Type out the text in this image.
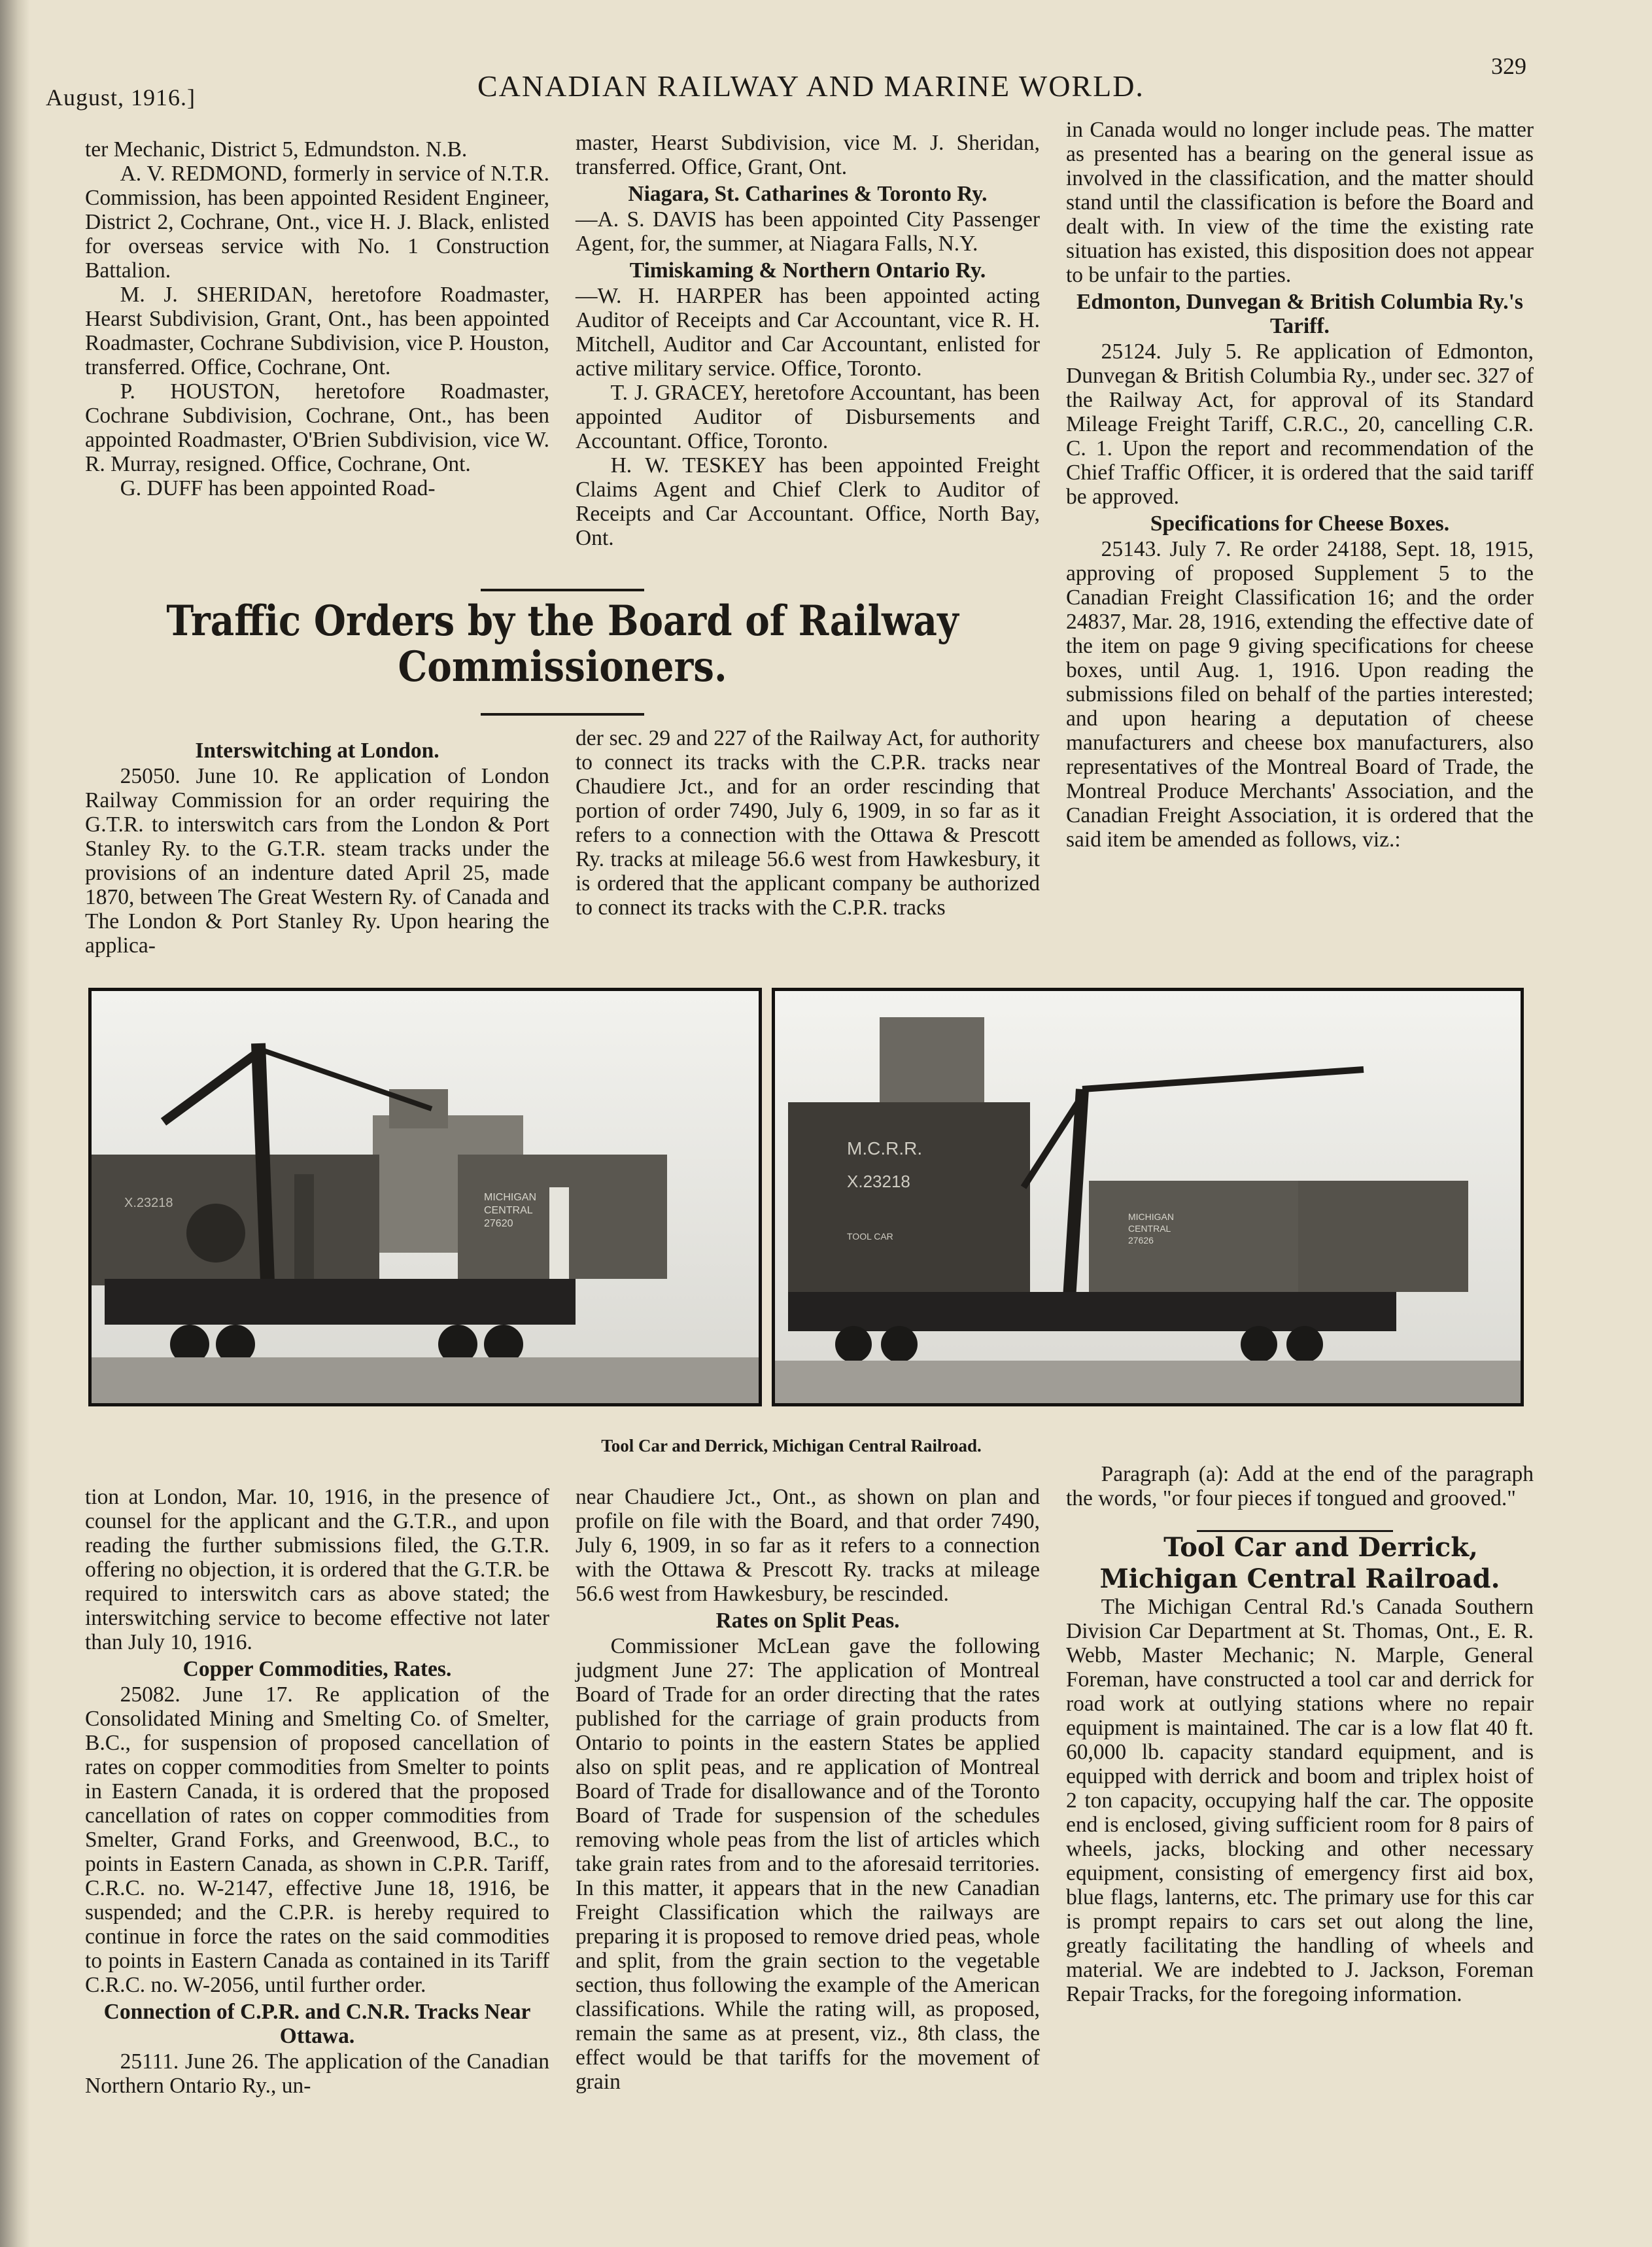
August, 1916.]	CANADIAN RAILWAY AND MARINE WORLD.
329

ter Mechanic, District 5, Edmundston. N.B.

A. V. REDMOND, formerly in service of N.T.R. Commission, has been appointed Resident Engineer, District 2, Cochrane, Ont., vice H. J. Black, enlisted for overseas service with No. 1 Construction Battalion.

M. J. SHERIDAN, heretofore Roadmaster, Hearst Subdivision, Grant, Ont., has been appointed Roadmaster, Cochrane Subdivision, vice P. Houston, transferred. Office, Cochrane, Ont.

P. HOUSTON, heretofore Roadmaster, Cochrane Subdivision, Cochrane, Ont., has been appointed Roadmaster, O'Brien Subdivision, vice W. R. Murray, resigned. Office, Cochrane, Ont.

G. DUFF has been appointed Road-

master, Hearst Subdivision, vice M. J. Sheridan, transferred. Office, Grant, Ont.

Niagara, St. Catharines & Toronto Ry.

—A. S. DAVIS has been appointed City Passenger Agent, for, the summer, at Niagara Falls, N.Y.

Timiskaming & Northern Ontario Ry.

—W. H. HARPER has been appointed acting Auditor of Receipts and Car Accountant, vice R. H. Mitchell, Auditor and Car Accountant, enlisted for active military service. Office, Toronto.

T. J. GRACEY, heretofore Accountant, has been appointed Auditor of Disbursements and Accountant. Office, Toronto.

H. W. TESKEY has been appointed Freight Claims Agent and Chief Clerk to Auditor of Receipts and Car Accountant. Office, North Bay, Ont.

in Canada would no longer include peas. The matter as presented has a bearing on the general issue as involved in the classification, and the matter should stand until the classification is before the Board and dealt with. In view of the time the existing rate situation has existed, this disposition does not appear to be unfair to the parties.

Edmonton, Dunvegan & British Columbia Ry.'s Tariff.

25124. July 5. Re application of Edmonton, Dunvegan & British Columbia Ry., under sec. 327 of the Railway Act, for approval of its Standard Mileage Freight Tariff, C.R.C., 20, cancelling C.R. C. 1. Upon the report and recommendation of the Chief Traffic Officer, it is ordered that the said tariff be approved.

Specifications for Cheese Boxes.

25143. July 7. Re order 24188, Sept. 18, 1915, approving of proposed Supplement 5 to the Canadian Freight Classification 16; and the order 24837, Mar. 28, 1916, extending the effective date of the item on page 9 giving specifications for cheese boxes, until Aug. 1, 1916. Upon reading the submissions filed on behalf of the parties interested; and upon hearing a deputation of cheese manufacturers and cheese box manufacturers, also representatives of the Montreal Board of Trade, the Montreal Produce Merchants' Association, and the Canadian Freight Association, it is ordered that the said item be amended as follows, viz.:

Traffic Orders by the Board of Railway Commissioners.

Interswitching at London.

25050. June 10. Re application of London Railway Commission for an order requiring the G.T.R. to interswitch cars from the London & Port Stanley Ry. to the G.T.R. steam tracks under the provisions of an indenture dated April 25, made 1870, between The Great Western Ry. of Canada and The London & Port Stanley Ry. Upon hearing the applica-

der sec. 29 and 227 of the Railway Act, for authority to connect its tracks with the C.P.R. tracks near Chaudiere Jct., and for an order rescinding that portion of order 7490, July 6, 1909, in so far as it refers to a connection with the Ottawa & Prescott Ry. tracks at mileage 56.6 west from Hawkesbury, it is ordered that the applicant company be authorized to connect its tracks with the C.P.R. tracks

MICHIGAN
CENTRAL
27620
X.23218
M.C.R.R.
X.23218
TOOL CAR
MICHIGAN
CENTRAL
27626
Tool Car and Derrick, Michigan Central Railroad.

tion at London, Mar. 10, 1916, in the presence of counsel for the applicant and the G.T.R., and upon reading the further submissions filed, the G.T.R. offering no objection, it is ordered that the G.T.R. be required to interswitch cars as above stated; the interswitching service to become effective not later than July 10, 1916.

Copper Commodities, Rates.

25082. June 17. Re application of the Consolidated Mining and Smelting Co. of Smelter, B.C., for suspension of proposed cancellation of rates on copper commodities from Smelter to points in Eastern Canada, it is ordered that the proposed cancellation of rates on copper commodities from Smelter, Grand Forks, and Greenwood, B.C., to points in Eastern Canada, as shown in C.P.R. Tariff, C.R.C. no. W-2147, effective June 18, 1916, be suspended; and the C.P.R. is hereby required to continue in force the rates on the said commodities to points in Eastern Canada as contained in its Tariff C.R.C. no. W-2056, until further order.

Connection of C.P.R. and C.N.R. Tracks Near Ottawa.

25111. June 26. The application of the Canadian Northern Ontario Ry., un-

near Chaudiere Jct., Ont., as shown on plan and profile on file with the Board, and that order 7490, July 6, 1909, in so far as it refers to a connection with the Ottawa & Prescott Ry. tracks at mileage 56.6 west from Hawkesbury, be rescinded.

Rates on Split Peas.

Commissioner McLean gave the following judgment June 27: The application of Montreal Board of Trade for an order directing that the rates published for the carriage of grain products from Ontario to points in the eastern States be applied also on split peas, and re application of Montreal Board of Trade for disallowance and of the Toronto Board of Trade for suspension of the schedules removing whole peas from the list of articles which take grain rates from and to the aforesaid territories. In this matter, it appears that in the new Canadian Freight Classification which the railways are preparing it is proposed to remove dried peas, whole and split, from the grain section to the vegetable section, thus following the example of the American classifications. While the rating will, as proposed, remain the same as at present, viz., 8th class, the effect would be that tariffs for the movement of grain

Paragraph (a): Add at the end of the paragraph the words, "or four pieces if tongued and grooved."

Tool Car and Derrick, Michigan Central Railroad.

The Michigan Central Rd.'s Canada Southern Division Car Department at St. Thomas, Ont., E. R. Webb, Master Mechanic; N. Marple, General Foreman, have constructed a tool car and derrick for road work at outlying stations where no repair equipment is maintained. The car is a low flat 40 ft. 60,000 lb. capacity standard equipment, and is equipped with derrick and boom and triplex hoist of 2 ton capacity, occupying half the car. The opposite end is enclosed, giving sufficient room for 8 pairs of wheels, jacks, blocking and other necessary equipment, consisting of emergency first aid box, blue flags, lanterns, etc. The primary use for this car is prompt repairs to cars set out along the line, greatly facilitating the handling of wheels and material. We are indebted to J. Jackson, Foreman Repair Tracks, for the foregoing information.
